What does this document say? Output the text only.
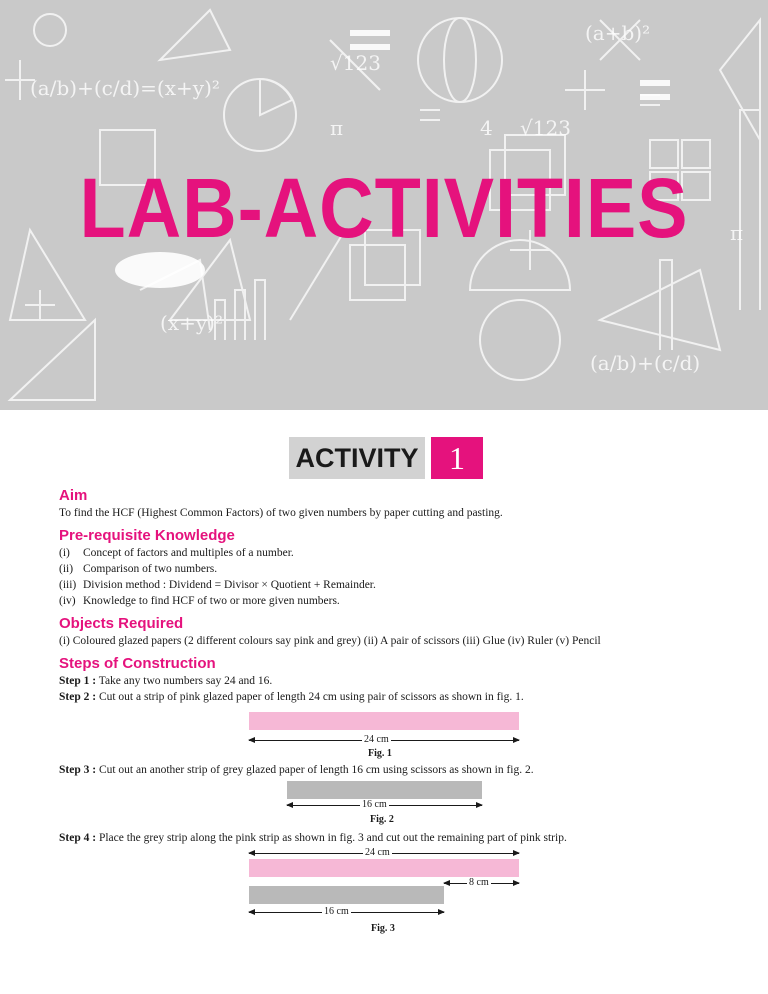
(a/b)+(c/d)=(x+y)²
(a+b)²
√123
√123
(x+y)²
(a/b)+(c/d)
π
π
4
LAB-ACTIVITIES
ACTIVITY 1

Aim

To find the HCF (Highest Common Factors) of two given numbers by paper cutting and pasting.

Pre-requisite Knowledge

(i)	Concept of factors and multiples of a number.
(ii) Comparison of two numbers.
(iii) Division method : Dividend = Divisor × Quotient + Remainder.
(iv) Knowledge to find HCF of two or more given numbers.

Objects Required

(i) Coloured glazed papers (2 different colours say pink and grey) (ii) A pair of scissors (iii) Glue (iv) Ruler (v) Pencil

Steps of Construction

Step 1 : Take any two numbers say 24 and 16.

Step 2 : Cut out a strip of pink glazed paper of length 24 cm using pair of scissors as shown in fig. 1.

24 cm
Fig. 1

Step 3 : Cut out an another strip of grey glazed paper of length 16 cm using scissors as shown in fig. 2.

16 cm
Fig. 2

Step 4 : Place the grey strip along the pink strip as shown in fig. 3 and cut out the remaining part of pink strip.

24 cm
8 cm
16 cm
Fig. 3
